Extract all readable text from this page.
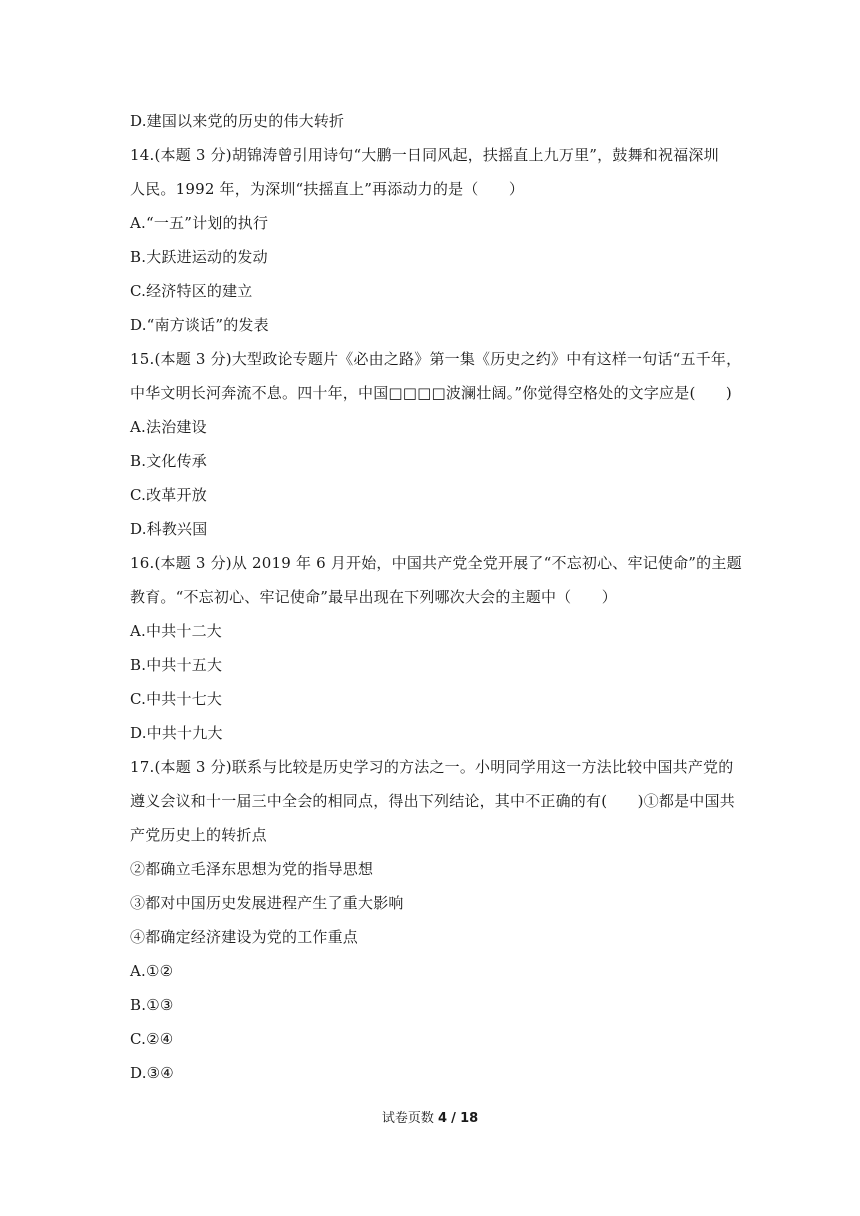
D.建国以来党的历史的伟大转折
14.(本题 3 分)胡锦涛曾引用诗句“大鹏一日同风起，扶摇直上九万里”，鼓舞和祝福深圳
人民。1992 年，为深圳“扶摇直上”再添动力的是（　　）
A.“一五”计划的执行
B.大跃进运动的发动
C.经济特区的建立
D.“南方谈话”的发表
15.(本题 3 分)大型政论专题片《必由之路》第一集《历史之约》中有这样一句话“五千年，
中华文明长河奔流不息。四十年，中国□□□□波澜壮阔。”你觉得空格处的文字应是(　　)
A.法治建设
B.文化传承
C.改革开放
D.科教兴国
16.(本题 3 分)从 2019 年 6 月开始，中国共产党全党开展了“不忘初心、牢记使命”的主题
教育。“不忘初心、牢记使命”最早出现在下列哪次大会的主题中（　　）
A.中共十二大
B.中共十五大
C.中共十七大
D.中共十九大
17.(本题 3 分)联系与比较是历史学习的方法之一。小明同学用这一方法比较中国共产党的
遵义会议和十一届三中全会的相同点，得出下列结论，其中不正确的有(　　)①都是中国共
产党历史上的转折点
②都确立毛泽东思想为党的指导思想
③都对中国历史发展进程产生了重大影响
④都确定经济建设为党的工作重点
A.①②
B.①③
C.②④
D.③④
试卷页数 4 / 18
